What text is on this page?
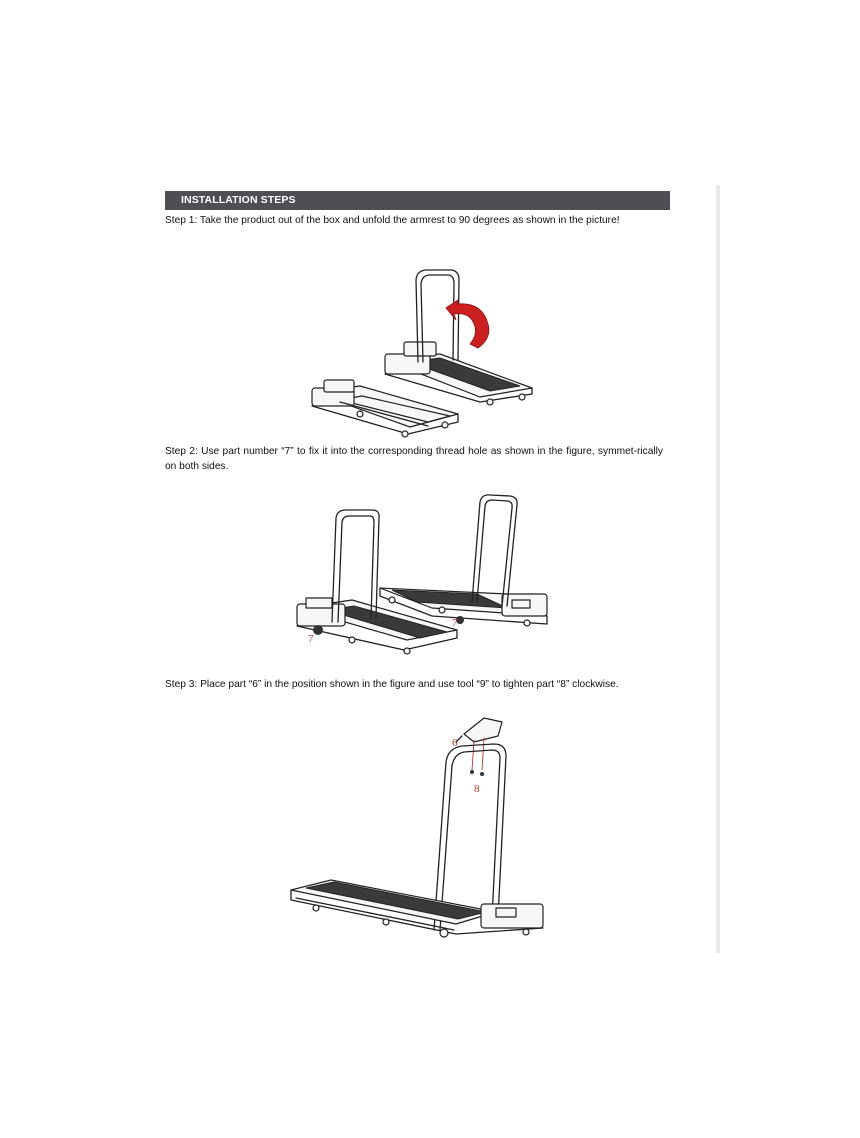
INSTALLATION STEPS
Step 1: Take the product out of the box and unfold the armrest to 90 degrees as shown in the picture!
Step 2: Use part number “7” to fix it into the corresponding thread hole as shown in the figure, symmet-rically on both sides.
7
7
Step 3: Place part “6” in the position shown in the figure and use tool “9” to tighten part “8” clockwise.
6
8
